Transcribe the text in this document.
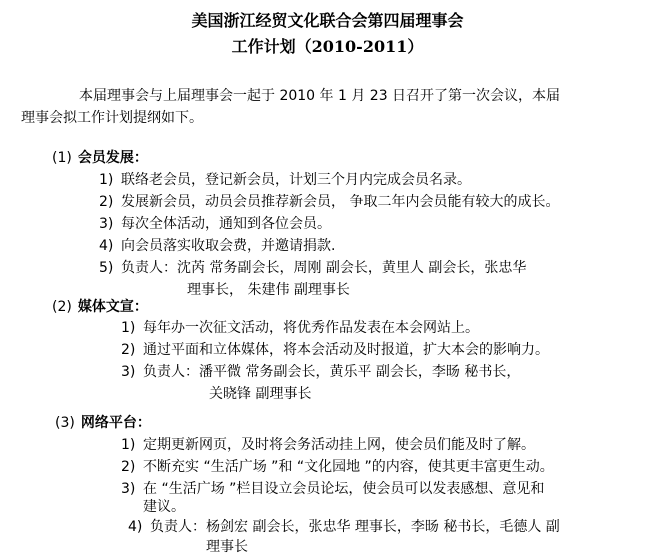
美国浙江经贸文化联合会第四届理事会
工作计划（2010-2011）
本届理事会与上届理事会一起于 2010 年 1 月 23 日召开了第一次会议，本届
理事会拟工作计划提纲如下。
(1) 会员发展：
1) 联络老会员，登记新会员，计划三个月内完成会员名录。
2) 发展新会员，动员会员推荐新会员， 争取二年内会员能有较大的成长。
3) 每次全体活动，通知到各位会员。
4) 向会员落实收取会费，并邀请捐款.
5) 负责人：沈芮 常务副会长，周刚 副会长，黄里人 副会长，张忠华
理事长， 朱建伟 副理事长
(2) 媒体文宣：
1) 每年办一次征文活动，将优秀作品发表在本会网站上。
2) 通过平面和立体媒体，将本会活动及时报道，扩大本会的影响力。
3) 负责人：潘平微 常务副会长，黄乐平 副会长，李旸 秘书长，
关晓锋 副理事长
(3) 网络平台：
1) 定期更新网页，及时将会务活动挂上网，使会员们能及时了解。
2) 不断充实 “生活广场 ”和 “文化园地 ”的内容，使其更丰富更生动。
3) 在 “生活广场 ”栏目设立会员论坛，使会员可以发表感想、意见和
建议。
4) 负责人：杨剑宏 副会长，张忠华 理事长，李旸 秘书长，毛德人 副
理事长
